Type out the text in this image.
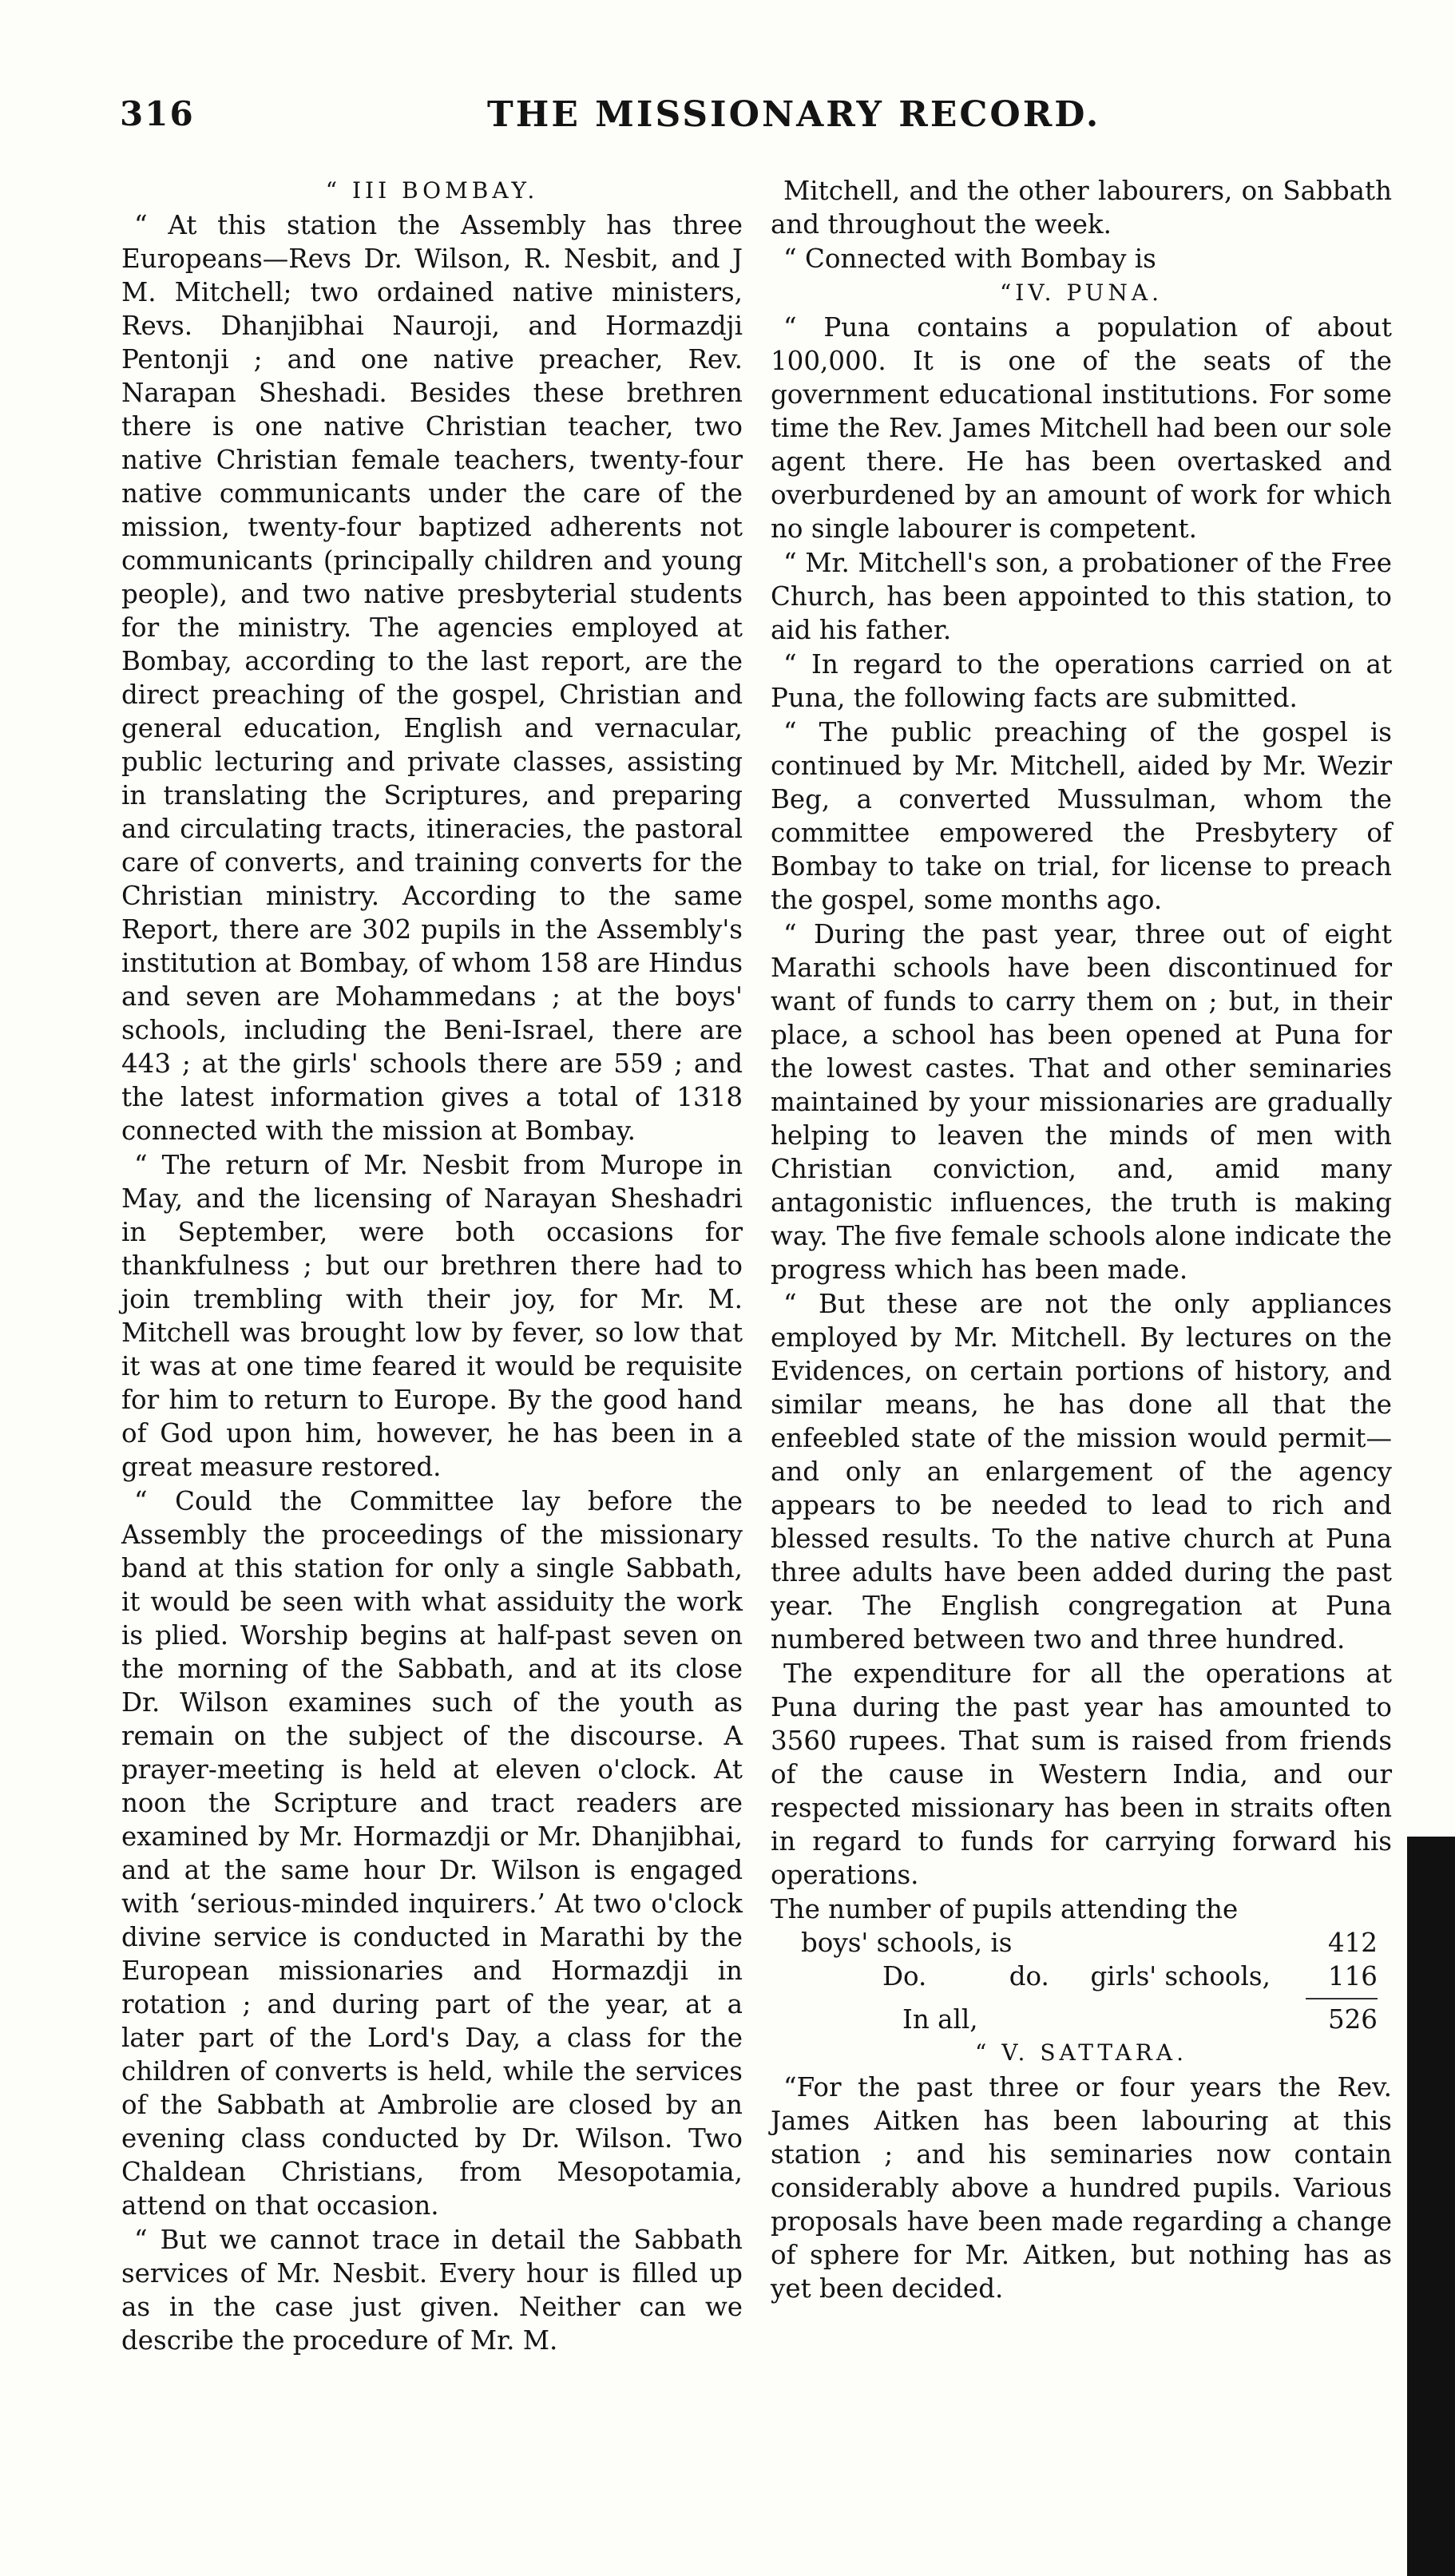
316	THE MISSIONARY RECORD.

“ III BOMBAY.

“ At this station the Assembly has three Europeans—Revs Dr. Wilson, R. Nesbit, and J M. Mitchell; two ordained native ministers, Revs. Dhanjibhai Nauroji, and Hormazdji Pentonji ; and one native preacher, Rev. Narapan Sheshadi. Besides these brethren there is one native Christian teacher, two native Christian female teachers, twenty-four native communicants under the care of the mission, twenty-four baptized adherents not communicants (principally children and young people), and two native presbyterial students for the ministry. The agencies employed at Bombay, according to the last report, are the direct preaching of the gospel, Christian and general education, English and vernacular, public lecturing and private classes, assisting in translating the Scriptures, and preparing and circulating tracts, itineracies, the pastoral care of converts, and training converts for the Christian ministry. According to the same Report, there are 302 pupils in the Assembly's institution at Bombay, of whom 158 are Hindus and seven are Mohammedans ; at the boys' schools, including the Beni-Israel, there are 443 ; at the girls' schools there are 559 ; and the latest information gives a total of 1318 connected with the mission at Bombay.

“ The return of Mr. Nesbit from Murope in May, and the licensing of Narayan Sheshadri in September, were both occasions for thankfulness ; but our brethren there had to join trembling with their joy, for Mr. M. Mitchell was brought low by fever, so low that it was at one time feared it would be requisite for him to return to Europe. By the good hand of God upon him, however, he has been in a great measure restored.

“ Could the Committee lay before the Assembly the proceedings of the missionary band at this station for only a single Sabbath, it would be seen with what assiduity the work is plied. Worship begins at half-past seven on the morning of the Sabbath, and at its close Dr. Wilson examines such of the youth as remain on the subject of the discourse. A prayer-meeting is held at eleven o'clock. At noon the Scripture and tract readers are examined by Mr. Hormazdji or Mr. Dhanjibhai, and at the same hour Dr. Wilson is engaged with ‘serious-minded inquirers.’ At two o'clock divine service is conducted in Marathi by the European missionaries and Hormazdji in rotation ; and during part of the year, at a later part of the Lord's Day, a class for the children of converts is held, while the services of the Sabbath at Ambrolie are closed by an evening class conducted by Dr. Wilson. Two Chaldean Christians, from Mesopotamia, attend on that occasion.

“ But we cannot trace in detail the Sabbath services of Mr. Nesbit. Every hour is filled up as in the case just given. Neither can we describe the procedure of Mr. M.

Mitchell, and the other labourers, on Sabbath and throughout the week.

“ Connected with Bombay is

“IV. PUNA.

“ Puna contains a population of about 100,000. It is one of the seats of the government educational institutions. For some time the Rev. James Mitchell had been our sole agent there. He has been overtasked and overburdened by an amount of work for which no single labourer is competent.

“ Mr. Mitchell's son, a probationer of the Free Church, has been appointed to this station, to aid his father.

“ In regard to the operations carried on at Puna, the following facts are submitted.

“ The public preaching of the gospel is continued by Mr. Mitchell, aided by Mr. Wezir Beg, a converted Mussulman, whom the committee empowered the Presbytery of Bombay to take on trial, for license to preach the gospel, some months ago.

“ During the past year, three out of eight Marathi schools have been discontinued for want of funds to carry them on ; but, in their place, a school has been opened at Puna for the lowest castes. That and other seminaries maintained by your missionaries are gradually helping to leaven the minds of men with Christian conviction, and, amid many antagonistic influences, the truth is making way. The five female schools alone indicate the progress which has been made.

“ But these are not the only appliances employed by Mr. Mitchell. By lectures on the Evidences, on certain portions of history, and similar means, he has done all that the enfeebled state of the mission would permit—and only an enlargement of the agency appears to be needed to lead to rich and blessed results. To the native church at Puna three adults have been added during the past year. The English congregation at Puna numbered between two and three hundred.

The expenditure for all the operations at Puna during the past year has amounted to 3560 rupees. That sum is raised from friends of the cause in Western India, and our respected missionary has been in straits often in regard to funds for carrying forward his operations.

The number of pupils attending the
boys' schools, is	412
Do.          do.     girls' schools, 116
In all,	526

“ V. SATTARA.

“For the past three or four years the Rev. James Aitken has been labouring at this station ; and his seminaries now contain considerably above a hundred pupils. Various proposals have been made regarding a change of sphere for Mr. Aitken, but nothing has as yet been decided.
